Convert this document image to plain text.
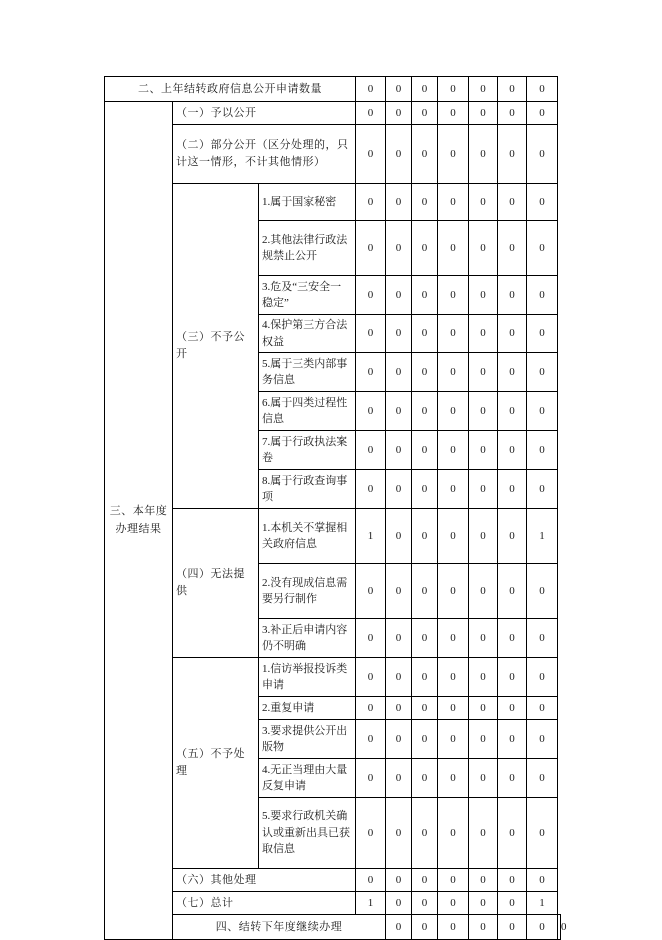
二、上年结转政府信息公开申请数量			0	0	0	0	0	0	0	
三、本年度办理结果	（一）予以公开		0	0	0	0	0	0	0	
	（二）部分公开（区分处理的，只计这一情形，不计其他情形）		0	0	0	0	0	0	0	
	（三）不予公开	1.属于国家秘密	0	0	0	0	0	0	0	
		2.其他法律行政法规禁止公开	0	0	0	0	0	0	0	
		3.危及“三安全一稳定”	0	0	0	0	0	0	0	
		4.保护第三方合法权益	0	0	0	0	0	0	0	
		5.属于三类内部事务信息	0	0	0	0	0	0	0	
		6.属于四类过程性信息	0	0	0	0	0	0	0	
		7.属于行政执法案卷	0	0	0	0	0	0	0	
		8.属于行政查询事项	0	0	0	0	0	0	0	
	（四）无法提供	1.本机关不掌握相关政府信息	1	0	0	0	0	0	1	
		2.没有现成信息需要另行制作	0	0	0	0	0	0	0	
		3.补正后申请内容仍不明确	0	0	0	0	0	0	0	
	（五）不予处理	1.信访举报投诉类申请	0	0	0	0	0	0	0	
		2.重复申请	0	0	0	0	0	0	0	
		3.要求提供公开出版物	0	0	0	0	0	0	0	
		4.无正当理由大量反复申请	0	0	0	0	0	0	0	
		5.要求行政机关确认或重新出具已获取信息	0	0	0	0	0	0	0	
	（六）其他处理		0	0	0	0	0	0	0	
	（七）总计		1	0	0	0	0	0	1	
	四、结转下年度继续办理			0	0	0	0	0	0	0
